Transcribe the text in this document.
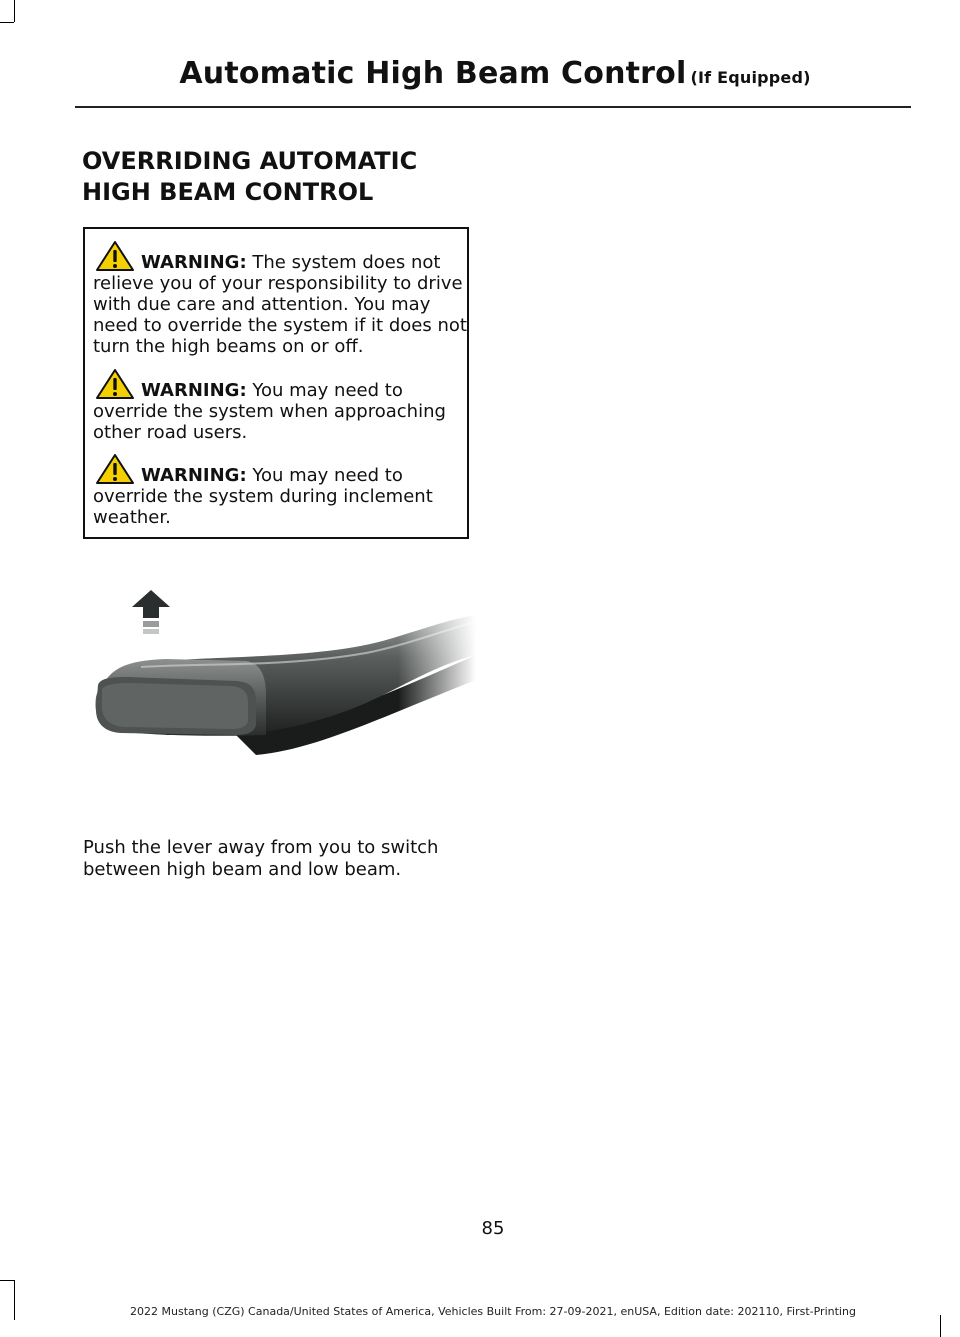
Automatic High Beam Control (If Equipped)
OVERRIDING AUTOMATIC
HIGH BEAM CONTROL

WARNING: The system does not relieve you of your responsibility to drive with due care and attention. You may need to override the system if it does not turn the high beams on or off.

WARNING: You may need to override the system when approaching other road users.

WARNING: You may need to override the system during inclement weather.

Push the lever away from you to switch between high beam and low beam.

85
2022 Mustang (CZG) Canada/United States of America, Vehicles Built From: 27-09-2021, enUSA, Edition date: 202110, First-Printing
